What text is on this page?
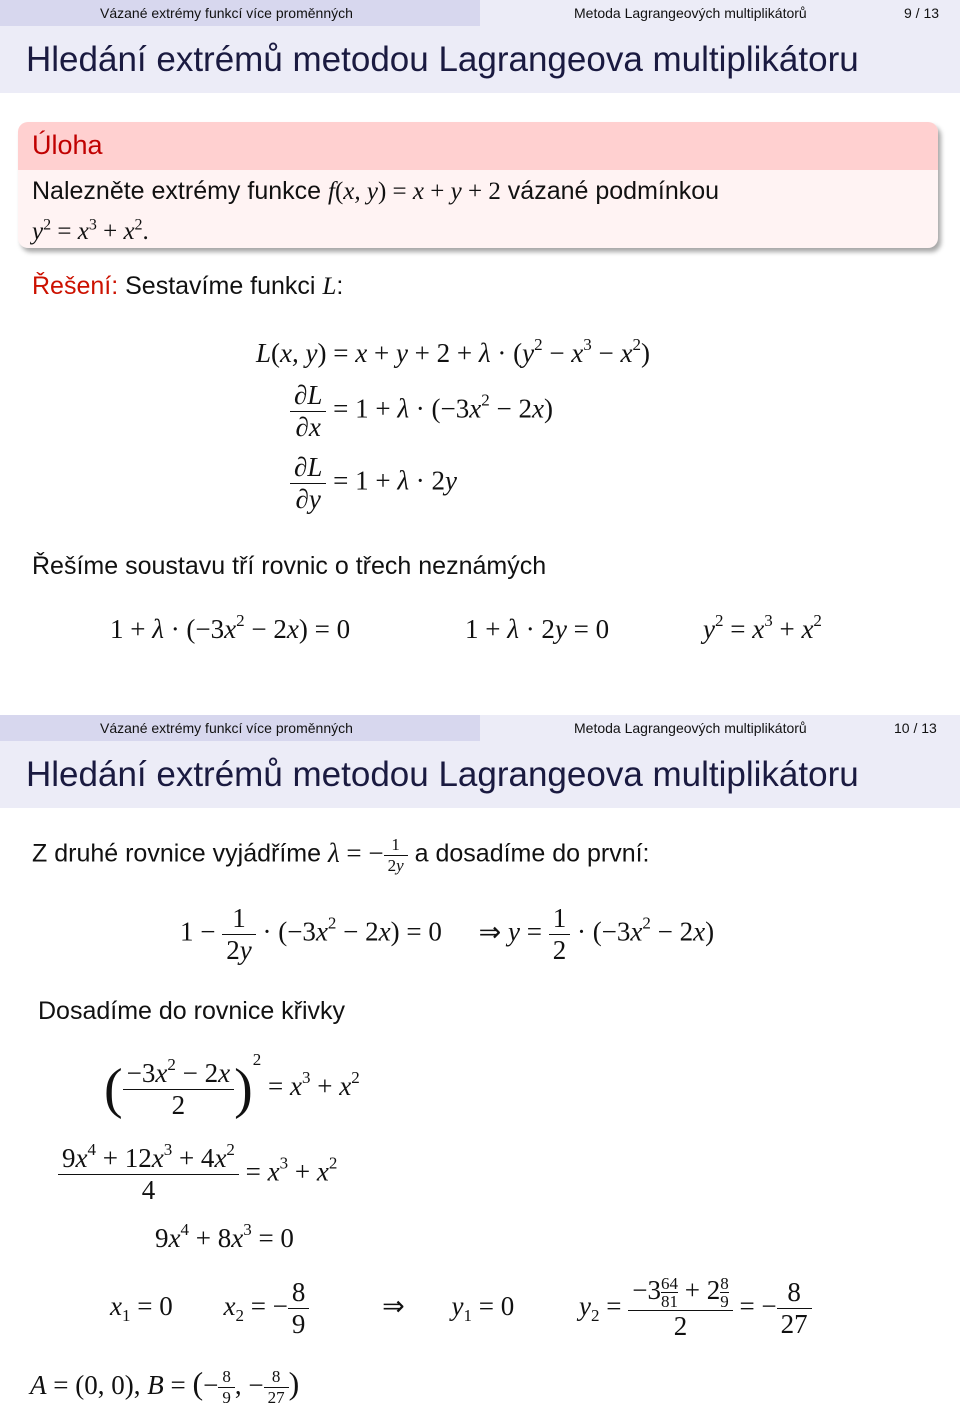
Vázané extrémy funkcí více proměnných	Metoda Lagrangeových multiplikátorů	9 / 13
Hledání extrémů metodou Lagrangeova multiplikátoru
Úloha
Nalezněte extrémy funkce f(x, y) = x + y + 2 vázané podmínkou
$y^2 = x^3 + x^2$.
Řešení: Sestavíme funkci L:
L(x, $y) = x + y + 2 + \lambda \cdot (y^2 - x^3 - x^2)$
$\frac{\partial L}{\partial x} = 1 + \lambda \cdot (-3x^2 - 2x)$
$\frac{\partial L}{\partial y} = 1 + \lambda \cdot 2y$
Řešíme soustavu tří rovnic o třech neznámých
$1 + \lambda \cdot (-3x^2 - 2x) = 0$	1 + λ · 2y = 0	$y^2 = x^3 + x^2$
Vázané extrémy funkcí více proměnných	Metoda Lagrangeových multiplikátorů	10 / 13
Hledání extrémů metodou Lagrangeova multiplikátoru
Z druhé rovnice vyjádříme λ = − $\frac{1}{2y}$ a dosadíme do první:
$1 - \frac{1}{2y} \cdot (-3x^2 - 2x) = 0$ ⇒ $y = \frac{1}{2} \cdot (-3x^2 - 2x)$
Dosadíme do rovnice křivky
( $\frac{-3x^2 - 2x}{2} )^2 = x^3 + x^2$
$\frac{9x^4 + 12x^3 + 4x^2}{4} = x^3 + x^2$
$9x^4 + 8x^3 = 0$
$x_1 = 0$ $x_2$ = − $\frac{8}{9}$	⇒ $y_1 = 0$ $y_2 = \frac{-3 \frac{64}{81} + 2 \frac{8}{9}}{2}$ = − $\frac{8}{27}$
A = (0, 0), B = (− $\frac{8}{9}$ , − $\frac{8}{27}$ )
